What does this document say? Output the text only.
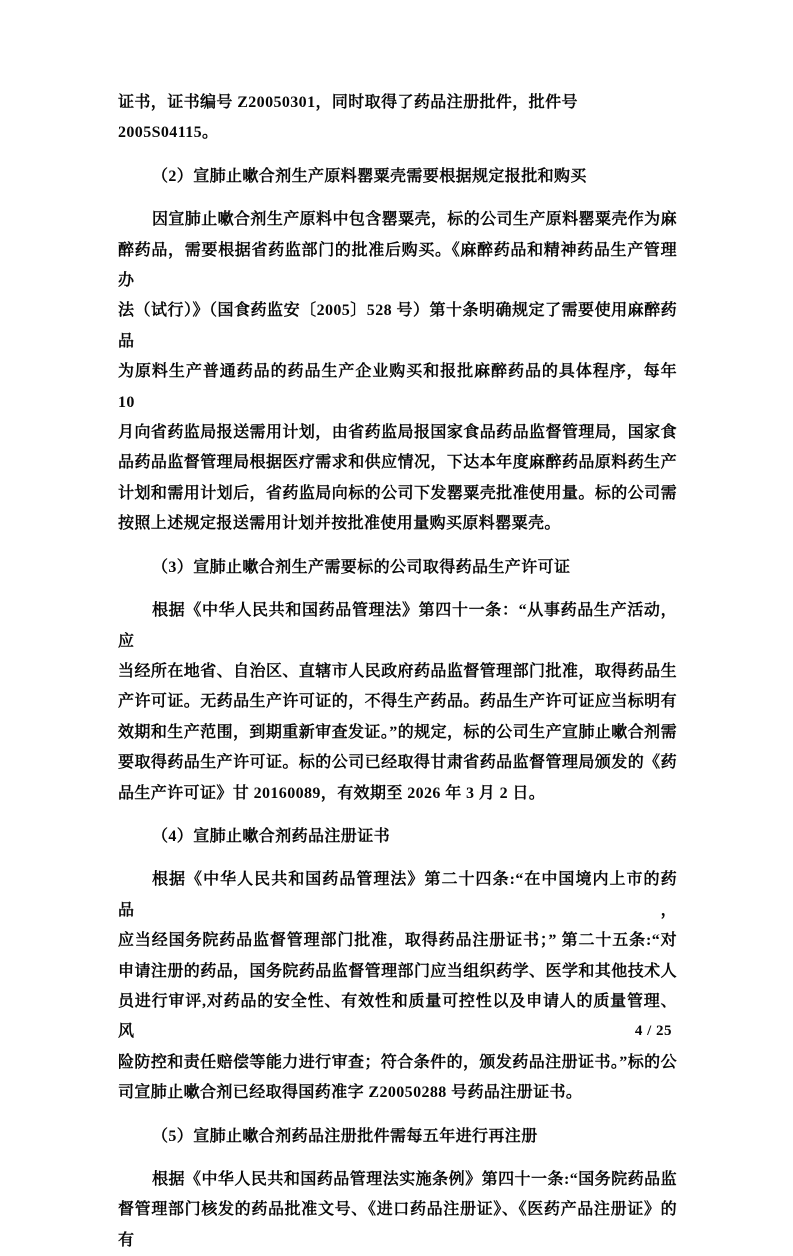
证书，证书编号 Z20050301，同时取得了药品注册批件，批件号 2005S04115。
（2）宣肺止嗽合剂生产原料罂粟壳需要根据规定报批和购买
因宣肺止嗽合剂生产原料中包含罂粟壳，标的公司生产原料罂粟壳作为麻
醉药品，需要根据省药监部门的批准后购买。《麻醉药品和精神药品生产管理办
法（试行）》（国食药监安〔2005〕528 号）第十条明确规定了需要使用麻醉药品
为原料生产普通药品的药品生产企业购买和报批麻醉药品的具体程序，每年 10
月向省药监局报送需用计划，由省药监局报国家食品药品监督管理局，国家食
品药品监督管理局根据医疗需求和供应情况，下达本年度麻醉药品原料药生产
计划和需用计划后，省药监局向标的公司下发罂粟壳批准使用量。标的公司需
按照上述规定报送需用计划并按批准使用量购买原料罂粟壳。
（3）宣肺止嗽合剂生产需要标的公司取得药品生产许可证
根据《中华人民共和国药品管理法》第四十一条：“从事药品生产活动，应
当经所在地省、自治区、直辖市人民政府药品监督管理部门批准，取得药品生
产许可证。无药品生产许可证的，不得生产药品。药品生产许可证应当标明有
效期和生产范围，到期重新审查发证。”的规定，标的公司生产宣肺止嗽合剂需
要取得药品生产许可证。标的公司已经取得甘肃省药品监督管理局颁发的《药
品生产许可证》甘 20160089，有效期至 2026 年 3 月 2 日。
（4）宣肺止嗽合剂药品注册证书
根据《中华人民共和国药品管理法》第二十四条:“在中国境内上市的药品，
应当经国务院药品监督管理部门批准，取得药品注册证书；” 第二十五条:“对
申请注册的药品，国务院药品监督管理部门应当组织药学、医学和其他技术人
员进行审评,对药品的安全性、有效性和质量可控性以及申请人的质量管理、风
险防控和责任赔偿等能力进行审查；符合条件的，颁发药品注册证书。”标的公
司宣肺止嗽合剂已经取得国药准字 Z20050288 号药品注册证书。
（5）宣肺止嗽合剂药品注册批件需每五年进行再注册
根据《中华人民共和国药品管理法实施条例》第四十一条:“国务院药品监
督管理部门核发的药品批准文号、《进口药品注册证》、《医药产品注册证》的有
4 / 25
